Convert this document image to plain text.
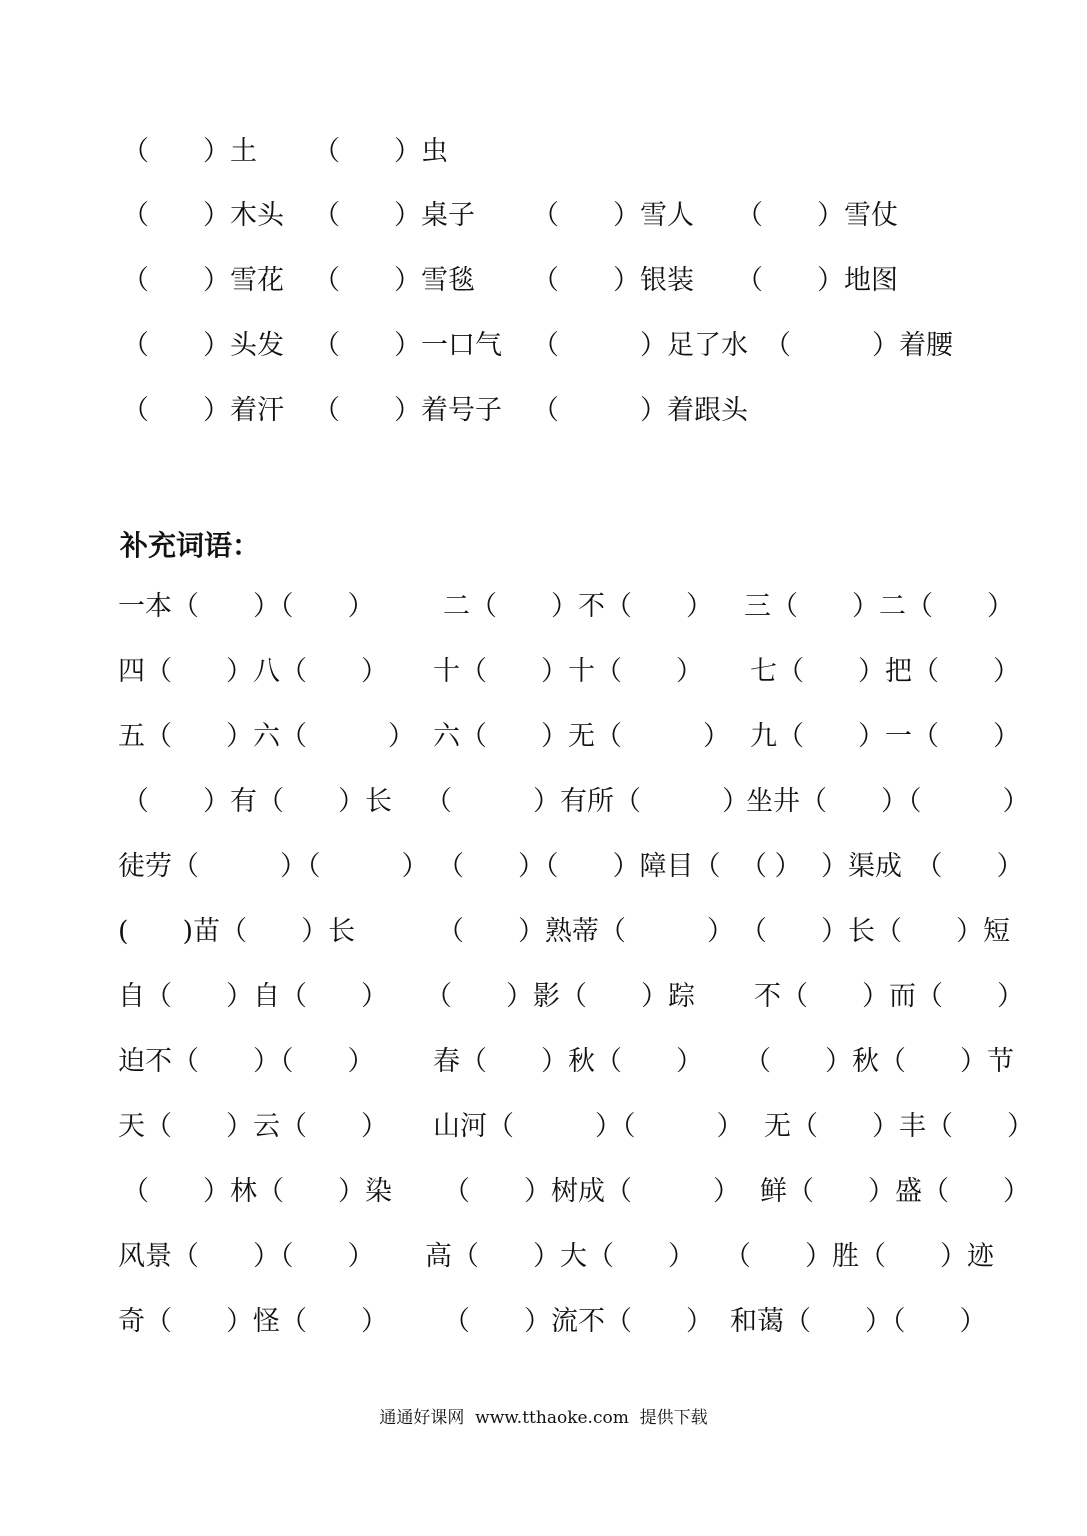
（　　）土 （　　）虫
（　　）木头 （　　）桌子 （　　）雪人 （　　）雪仗
（　　）雪花 （　　）雪毯 （　　）银装 （　　）地图
（　　）头发 （　　）一口气 （　　　）足了水 （　　　）着腰
（　　）着汗 （　　）着号子 （　　　）着跟头
补充词语：
一本（　　）（　　）	二（　　）不（　　） 三（　　）二（　　）
四（　　）八（　　） 十（　　）十（　　） 七（　　）把（　　）
五（　　）六（　　　） 六（　　）无（　　　） 九（　　）一（　　）
（　　）有（　　）长 （　　　）有所（　　　）
坐井（　　）（　　　）
徒劳（　　　）（　　　） （　　）（　　）障目（　　）
（　　）渠成　（　　）
(　　)苗（　　）长	（　　）熟蒂（　　　） （　　）长（　　）短
自（　　）自（　　） （　　）影（　　）踪 不（　　）而（　　）
迫不（　　）（　　） 春（　　）秋（　　） （　　）秋（　　）节
天（　　）云（　　） 山河（　　　）（　　　） 无（　　）丰（　　）
（　　）林（　　）染 （　　）树成（　　　） 鲜（　　）盛（　　）
风景（　　）（　　） 高（　　）大（　　） （　　）胜（　　）迹
奇（　　）怪（　　） （　　）流不（　　） 和蔼（　　）（　　）
通通好课网  www.tthaoke.com  提供下载
